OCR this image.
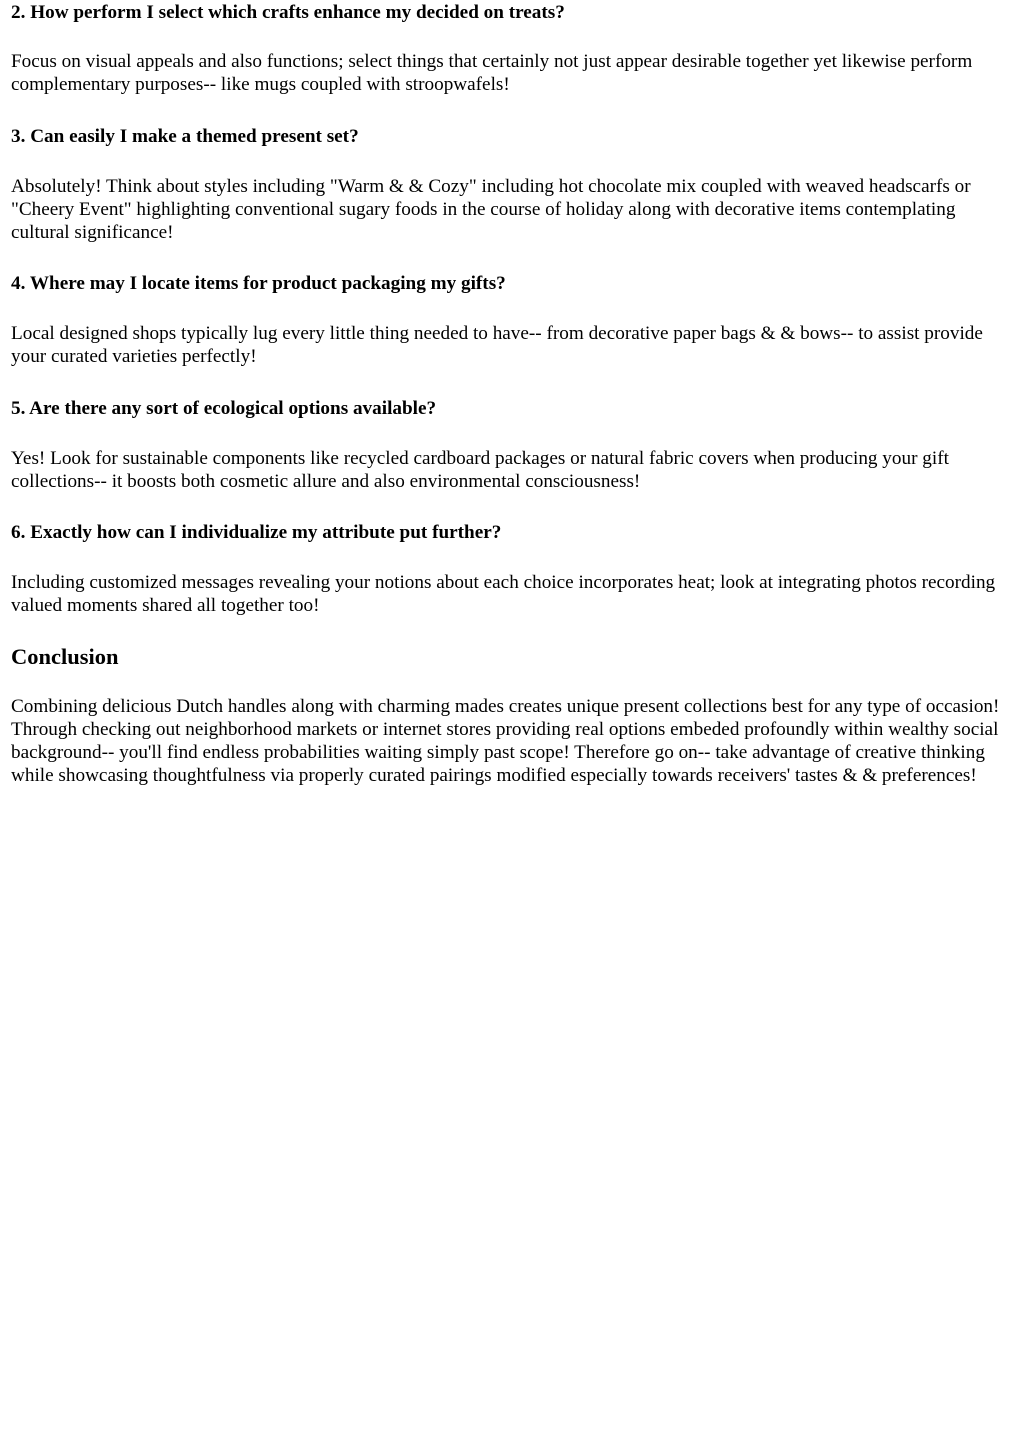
2. How perform I select which crafts enhance my decided on treats?

Focus on visual appeals and also functions; select things that certainly not just appear desirable together yet likewise perform complementary purposes-- like mugs coupled with stroopwafels!

3. Can easily I make a themed present set?

Absolutely! Think about styles including "Warm & & Cozy" including hot chocolate mix coupled with weaved headscarfs or "Cheery Event" highlighting conventional sugary foods in the course of holiday along with decorative items contemplating cultural significance!

4. Where may I locate items for product packaging my gifts?

Local designed shops typically lug every little thing needed to have-- from decorative paper bags & & bows-- to assist provide your curated varieties perfectly!

5. Are there any sort of ecological options available?

Yes! Look for sustainable components like recycled cardboard packages or natural fabric covers when producing your gift collections-- it boosts both cosmetic allure and also environmental consciousness!

6. Exactly how can I individualize my attribute put further?

Including customized messages revealing your notions about each choice incorporates heat; look at integrating photos recording valued moments shared all together too!

Conclusion

Combining delicious Dutch handles along with charming mades creates unique present collections best for any type of occasion! Through checking out neighborhood markets or internet stores providing real options embeded profoundly within wealthy social background-- you'll find endless probabilities waiting simply past scope! Therefore go on-- take advantage of creative thinking while showcasing thoughtfulness via properly curated pairings modified especially towards receivers' tastes & & preferences!
